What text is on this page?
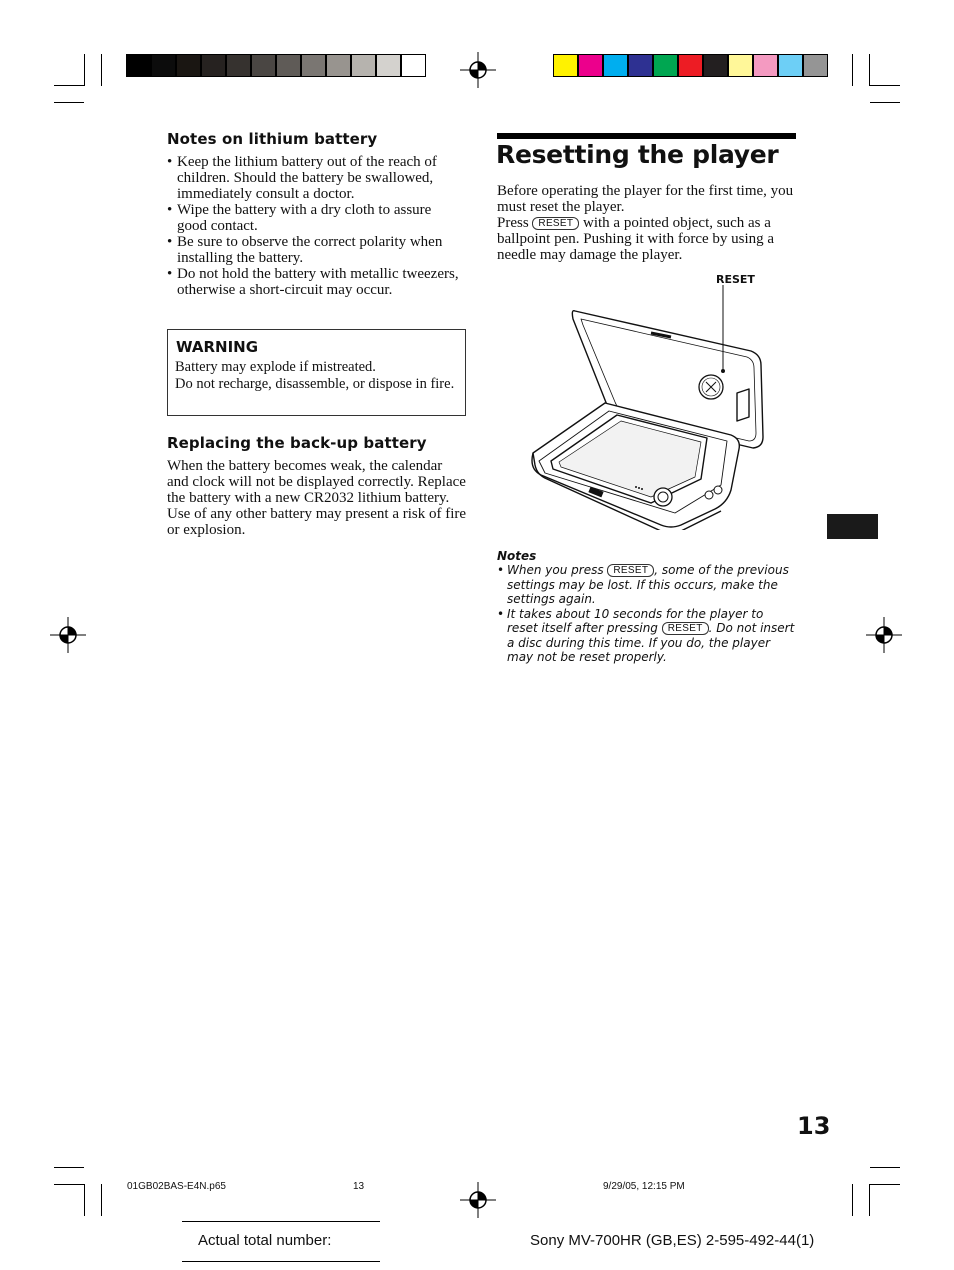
Notes on lithium battery
• Keep the lithium battery out of the reach of children. Should the battery be swallowed, immediately consult a doctor.
• Wipe the battery with a dry cloth to assure good contact.
• Be sure to observe the correct polarity when installing the battery.
• Do not hold the battery with metallic tweezers, otherwise a short-circuit may occur.
WARNING
Battery may explode if mistreated.
Do not recharge, disassemble, or dispose in fire.
Replacing the back-up battery
When the battery becomes weak, the calendar and clock will not be displayed correctly. Replace the battery with a new CR2032 lithium battery. Use of any other battery may present a risk of fire or explosion.
Resetting the player
Before operating the player for the first time, you must reset the player.
Press RESET with a pointed object, such as a ballpoint pen. Pushing it with force by using a needle may damage the player.
RESET
Notes
• When you press RESET , some of the previous settings may be lost. If this occurs, make the settings again.
• It takes about 10 seconds for the player to reset itself after pressing RESET . Do not insert a disc during this time. If you do, the player may not be reset properly.
13
01GB02BAS-E4N.p65	13	9/29/05, 12:15 PM
Actual total number:	Sony MV-700HR (GB,ES) 2-595-492-44(1)
